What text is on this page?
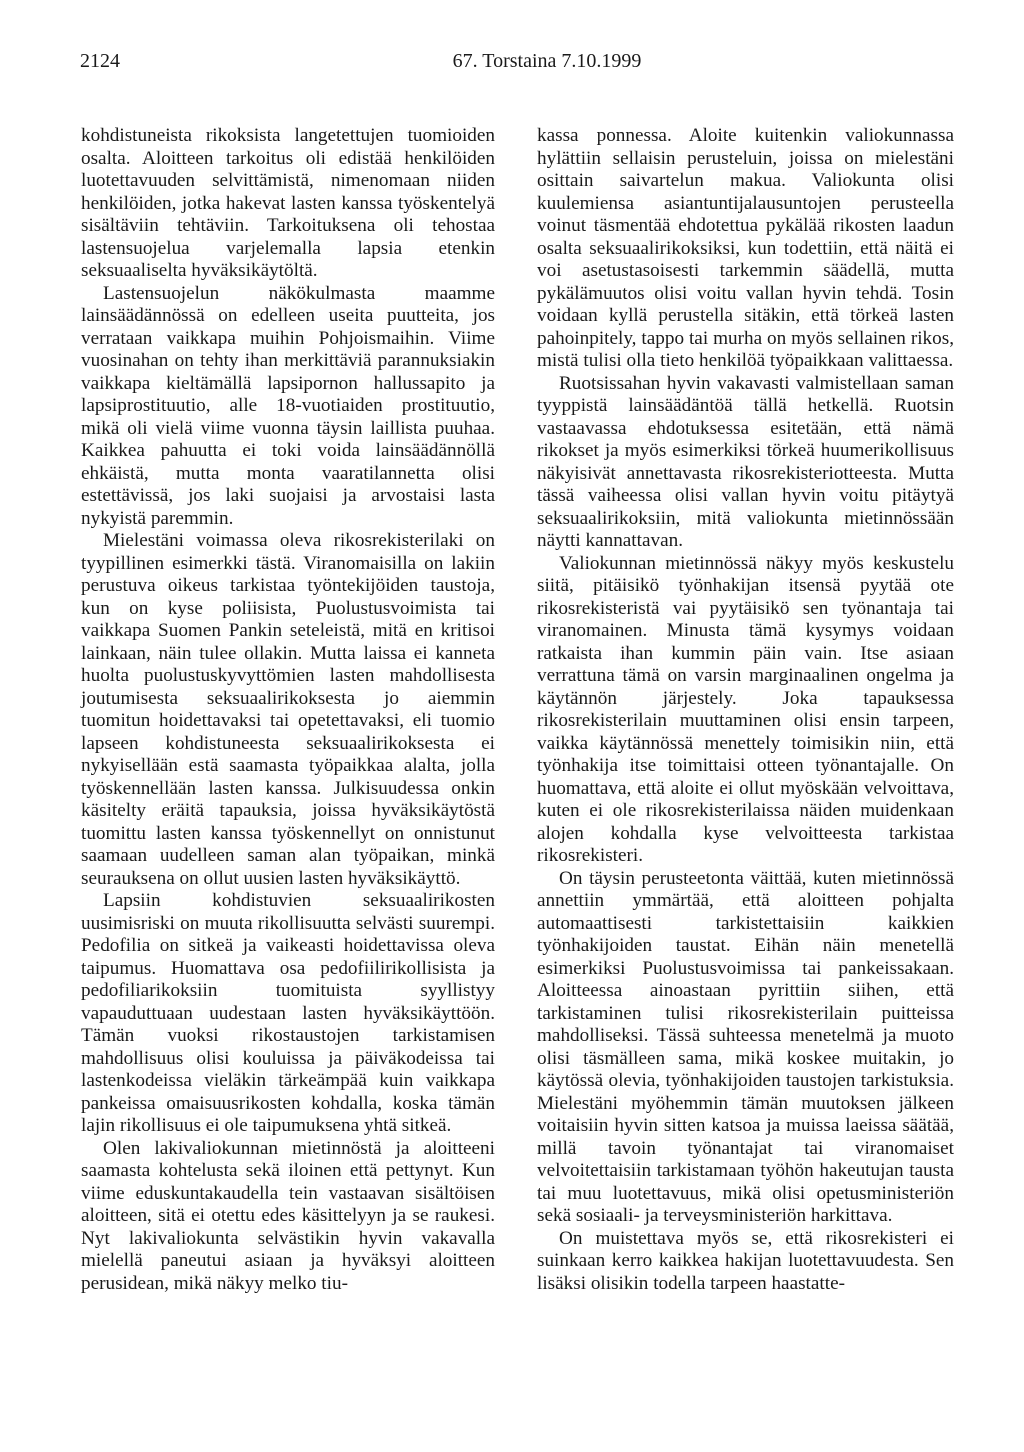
2124	67. Torstaina 7.10.1999

kohdistuneista rikoksista langetettujen tuomioiden osalta. Aloitteen tarkoitus oli edistää henkilöiden luotettavuuden selvittämistä, nimenomaan niiden henkilöiden, jotka hakevat lasten kanssa työskentelyä sisältäviin tehtäviin. Tarkoituksena oli tehostaa lastensuojelua varjelemalla lapsia etenkin seksuaaliselta hyväksikäytöltä.

Lastensuojelun näkökulmasta maamme lainsäädännössä on edelleen useita puutteita, jos verrataan vaikkapa muihin Pohjoismaihin. Viime vuosinahan on tehty ihan merkittäviä parannuksiakin vaikkapa kieltämällä lapsipornon hallussapito ja lapsiprostituutio, alle 18-vuotiaiden prostituutio, mikä oli vielä viime vuonna täysin laillista puuhaa. Kaikkea pahuutta ei toki voida lainsäädännöllä ehkäistä, mutta monta vaaratilannetta olisi estettävissä, jos laki suojaisi ja arvostaisi lasta nykyistä paremmin.

Mielestäni voimassa oleva rikosrekisterilaki on tyypillinen esimerkki tästä. Viranomaisilla on lakiin perustuva oikeus tarkistaa työntekijöiden taustoja, kun on kyse poliisista, Puolustusvoimista tai vaikkapa Suomen Pankin seteleistä, mitä en kritisoi lainkaan, näin tulee ollakin. Mutta laissa ei kanneta huolta puolustuskyvyttömien lasten mahdollisesta joutumisesta seksuaalirikoksesta jo aiemmin tuomitun hoidettavaksi tai opetettavaksi, eli tuomio lapseen kohdistuneesta seksuaalirikoksesta ei nykyisellään estä saamasta työpaikkaa alalta, jolla työskennellään lasten kanssa. Julkisuudessa onkin käsitelty eräitä tapauksia, joissa hyväksikäytöstä tuomittu lasten kanssa työskennellyt on onnistunut saamaan uudelleen saman alan työpaikan, minkä seurauksena on ollut uusien lasten hyväksikäyttö.

Lapsiin kohdistuvien seksuaalirikosten uusimisriski on muuta rikollisuutta selvästi suurempi. Pedofilia on sitkeä ja vaikeasti hoidettavissa oleva taipumus. Huomattava osa pedofiilirikollisista ja pedofiliarikoksiin tuomituista syyllistyy vapauduttuaan uudestaan lasten hyväksikäyttöön. Tämän vuoksi rikostaustojen tarkistamisen mahdollisuus olisi kouluissa ja päiväkodeissa tai lastenkodeissa vieläkin tärkeämpää kuin vaikkapa pankeissa omaisuusrikosten kohdalla, koska tämän lajin rikollisuus ei ole taipumuksena yhtä sitkeä.

Olen lakivaliokunnan mietinnöstä ja aloitteeni saamasta kohtelusta sekä iloinen että pettynyt. Kun viime eduskuntakaudella tein vastaavan sisältöisen aloitteen, sitä ei otettu edes käsittelyyn ja se raukesi. Nyt lakivaliokunta selvästikin hyvin vakavalla mielellä paneutui asiaan ja hyväksyi aloitteen perusidean, mikä näkyy melko tiu-

kassa ponnessa. Aloite kuitenkin valiokunnassa hylättiin sellaisin perusteluin, joissa on mielestäni osittain saivartelun makua. Valiokunta olisi kuulemiensa asiantuntijalausuntojen perusteella voinut täsmentää ehdotettua pykälää rikosten laadun osalta seksuaalirikoksiksi, kun todettiin, että näitä ei voi asetustasoisesti tarkemmin säädellä, mutta pykälämuutos olisi voitu vallan hyvin tehdä. Tosin voidaan kyllä perustella sitäkin, että törkeä lasten pahoinpitely, tappo tai murha on myös sellainen rikos, mistä tulisi olla tieto henkilöä työpaikkaan valittaessa.

Ruotsissahan hyvin vakavasti valmistellaan saman tyyppistä lainsäädäntöä tällä hetkellä. Ruotsin vastaavassa ehdotuksessa esitetään, että nämä rikokset ja myös esimerkiksi törkeä huumerikollisuus näkyisivät annettavasta rikosrekisteriotteesta. Mutta tässä vaiheessa olisi vallan hyvin voitu pitäytyä seksuaalirikoksiin, mitä valiokunta mietinnössään näytti kannattavan.

Valiokunnan mietinnössä näkyy myös keskustelu siitä, pitäisikö työnhakijan itsensä pyytää ote rikosrekisteristä vai pyytäisikö sen työnantaja tai viranomainen. Minusta tämä kysymys voidaan ratkaista ihan kummin päin vain. Itse asiaan verrattuna tämä on varsin marginaalinen ongelma ja käytännön järjestely. Joka tapauksessa rikosrekisterilain muuttaminen olisi ensin tarpeen, vaikka käytännössä menettely toimisikin niin, että työnhakija itse toimittaisi otteen työnantajalle. On huomattava, että aloite ei ollut myöskään velvoittava, kuten ei ole rikosrekisterilaissa näiden muidenkaan alojen kohdalla kyse velvoitteesta tarkistaa rikosrekisteri.

On täysin perusteetonta väittää, kuten mietinnössä annettiin ymmärtää, että aloitteen pohjalta automaattisesti tarkistettaisiin kaikkien työnhakijoiden taustat. Eihän näin menetellä esimerkiksi Puolustusvoimissa tai pankeissakaan. Aloitteessa ainoastaan pyrittiin siihen, että tarkistaminen tulisi rikosrekisterilain puitteissa mahdolliseksi. Tässä suhteessa menetelmä ja muoto olisi täsmälleen sama, mikä koskee muitakin, jo käytössä olevia, työnhakijoiden taustojen tarkistuksia. Mielestäni myöhemmin tämän muutoksen jälkeen voitaisiin hyvin sitten katsoa ja muissa laeissa säätää, millä tavoin työnantajat tai viranomaiset velvoitettaisiin tarkistamaan työhön hakeutujan tausta tai muu luotettavuus, mikä olisi opetusministeriön sekä sosiaali- ja terveysministeriön harkittava.

On muistettava myös se, että rikosrekisteri ei suinkaan kerro kaikkea hakijan luotettavuudesta. Sen lisäksi olisikin todella tarpeen haastatte-
